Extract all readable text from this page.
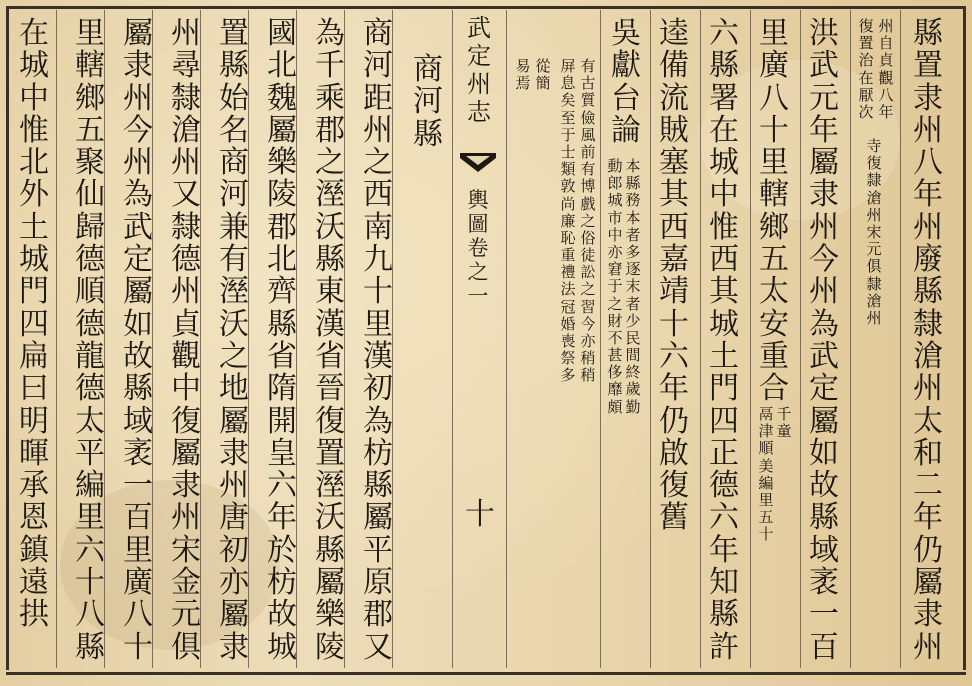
縣
置
隶
州
八
年
州
廢
縣
隸
滄
州
太
和
二
年
仍
屬
隶
州
州
自
貞
觀
八
年
復
置
治
在
厭
次
寺
復
隸
滄
州
宋
元
俱
隸
滄
州
洪
武
元
年
屬
隶
州
今
州
為
武
定
屬
如
故
縣
域
袤
一
百
里
廣
八
十
里
轄
鄉
五
太
安
重
合
千
童
鬲
津
順
美
編
里
五
十
六
縣
署
在
城
中
惟
西
其
城
土
門
四
正
德
六
年
知
縣
許
逵
備
流
賊
塞
其
西
嘉
靖
十
六
年
仍
啟
復
舊
吳
獻
台
論
本
縣
務
本
者
多
逐
末
者
少
民
間
終
歲
勤
動
郎
城
市
中
亦
窘
于
之
財
不
甚
侈
靡
頗
有
古
質
儉
風
前
有
博
戲
之
俗
徒
訟
之
習
今
亦
稍
稍
屏
息
矣
至
于
士
類
敦
尚
廉
恥
重
禮
法
冠
婚
喪
祭
多
從
簡
易
焉
武
定
州
志
輿
圖
卷
之
一
十
商
河
縣
商
河
距
州
之
西
南
九
十
里
漢
初
為
枋
縣
屬
平
原
郡
又
為
千
乘
郡
之
溼
沃
縣
東
漢
省
晉
復
置
溼
沃
縣
屬
樂
陵
國
北
魏
屬
樂
陵
郡
北
齊
縣
省
隋
開
皇
六
年
於
枋
故
城
置
縣
始
名
商
河
兼
有
溼
沃
之
地
屬
隶
州
唐
初
亦
屬
隶
州
尋
隸
滄
州
又
隸
德
州
貞
觀
中
復
屬
隶
州
宋
金
元
俱
屬
隶
州
今
州
為
武
定
屬
如
故
縣
域
袤
一
百
里
廣
八
十
里
轄
鄉
五
聚
仙
歸
德
順
德
龍
德
太
平
編
里
六
十
八
縣
在
城
中
惟
北
外
土
城
門
四
扁
曰
明
暉
承
恩
鎮
遠
拱
